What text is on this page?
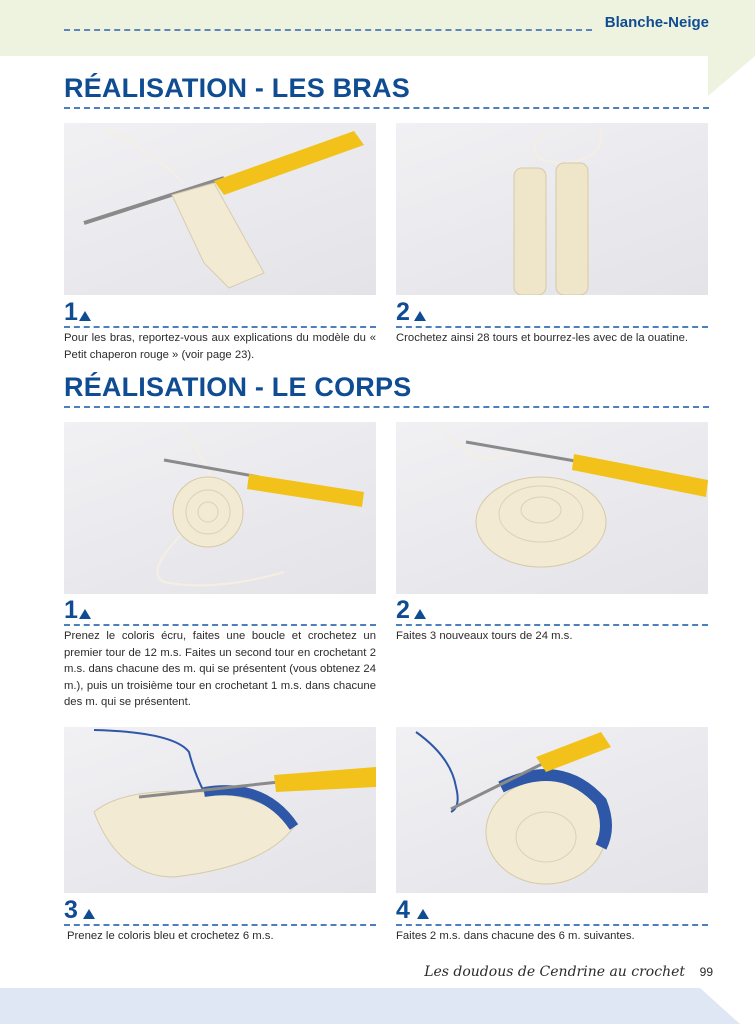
Blanche-Neige
RÉALISATION - LES BRAS
1

Pour les bras, reportez-vous aux explications du modèle du « Petit chaperon rouge » (voir page 23).

2

Crochetez ainsi 28 tours et bourrez-les avec de la ouatine.

RÉALISATION - LE CORPS
1

Prenez le coloris écru, faites une boucle et crochetez un premier tour de 12 m.s. Faites un second tour en crochetant 2 m.s. dans chacune des m. qui se présentent (vous obtenez 24 m.), puis un troisième tour en crochetant 1 m.s. dans chacune des m. qui se présentent.

2

Faites 3 nouveaux tours de 24 m.s.

3

Prenez le coloris bleu et crochetez 6 m.s.

4

Faites 2 m.s. dans chacune des 6 m. suivantes.

Les doudous de Cendrine au crochet 99
